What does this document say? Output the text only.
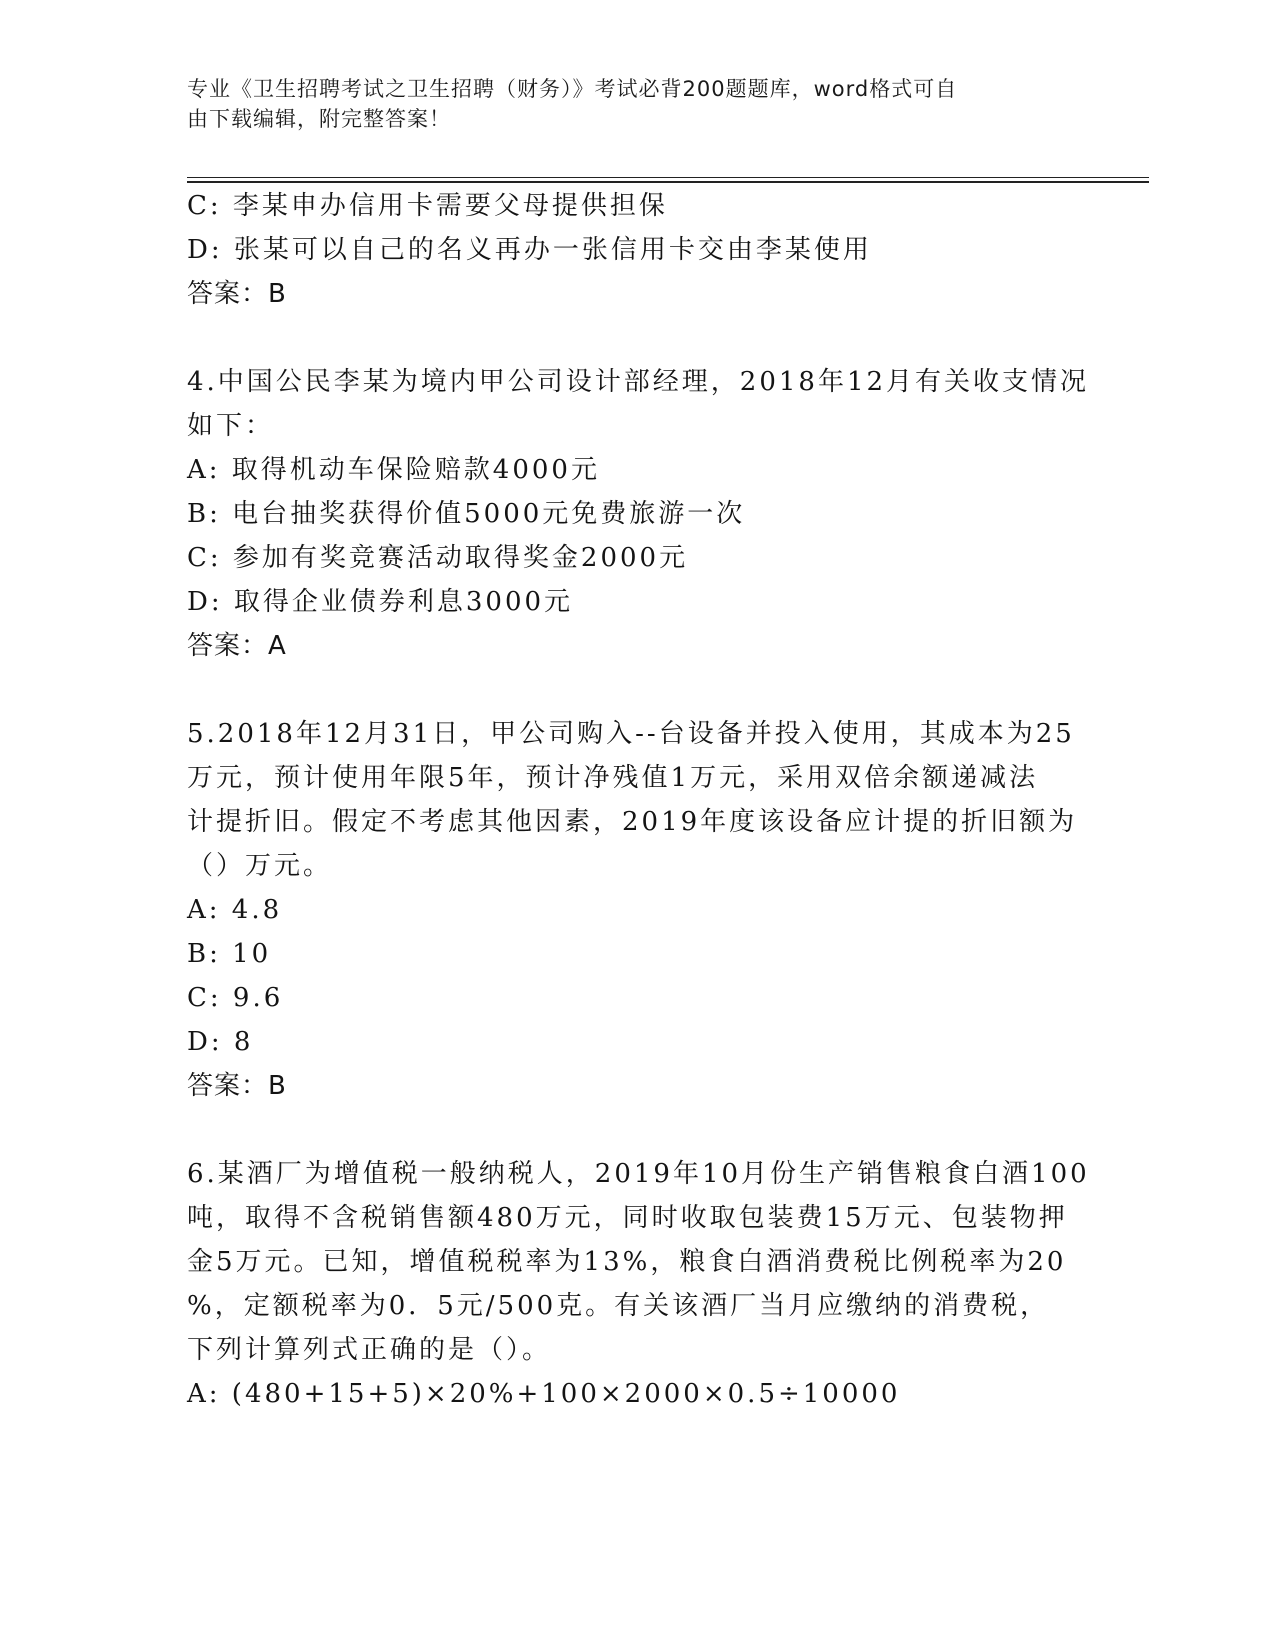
专业《卫生招聘考试之卫生招聘（财务）》考试必背200题题库，word格式可自
由下载编辑，附完整答案！
C: 李某申办信用卡需要父母提供担保
D: 张某可以自己的名义再办一张信用卡交由李某使用
答案：B
4.中国公民李某为境内甲公司设计部经理，2018年12月有关收支情况
如下：
A: 取得机动车保险赔款4000元
B: 电台抽奖获得价值5000元免费旅游一次
C: 参加有奖竞赛活动取得奖金2000元
D: 取得企业债券利息3000元
答案：A
5.2018年12月31日，甲公司购入--台设备并投入使用，其成本为25
万元，预计使用年限5年，预计净残值1万元，采用双倍余额递减法
计提折旧。假定不考虑其他因素，2019年度该设备应计提的折旧额为
（）万元。
A: 4.8
B: 10
C: 9.6
D: 8
答案：B
6.某酒厂为增值税一般纳税人，2019年10月份生产销售粮食白酒100
吨，取得不含税销售额480万元，同时收取包装费15万元、包装物押
金5万元。已知，增值税税率为13%，粮食白酒消费税比例税率为20
%，定额税率为0．5元/500克。有关该酒厂当月应缴纳的消费税，
下列计算列式正确的是（）。
A: (480+15+5)×20%+100×2000×0.5÷10000
